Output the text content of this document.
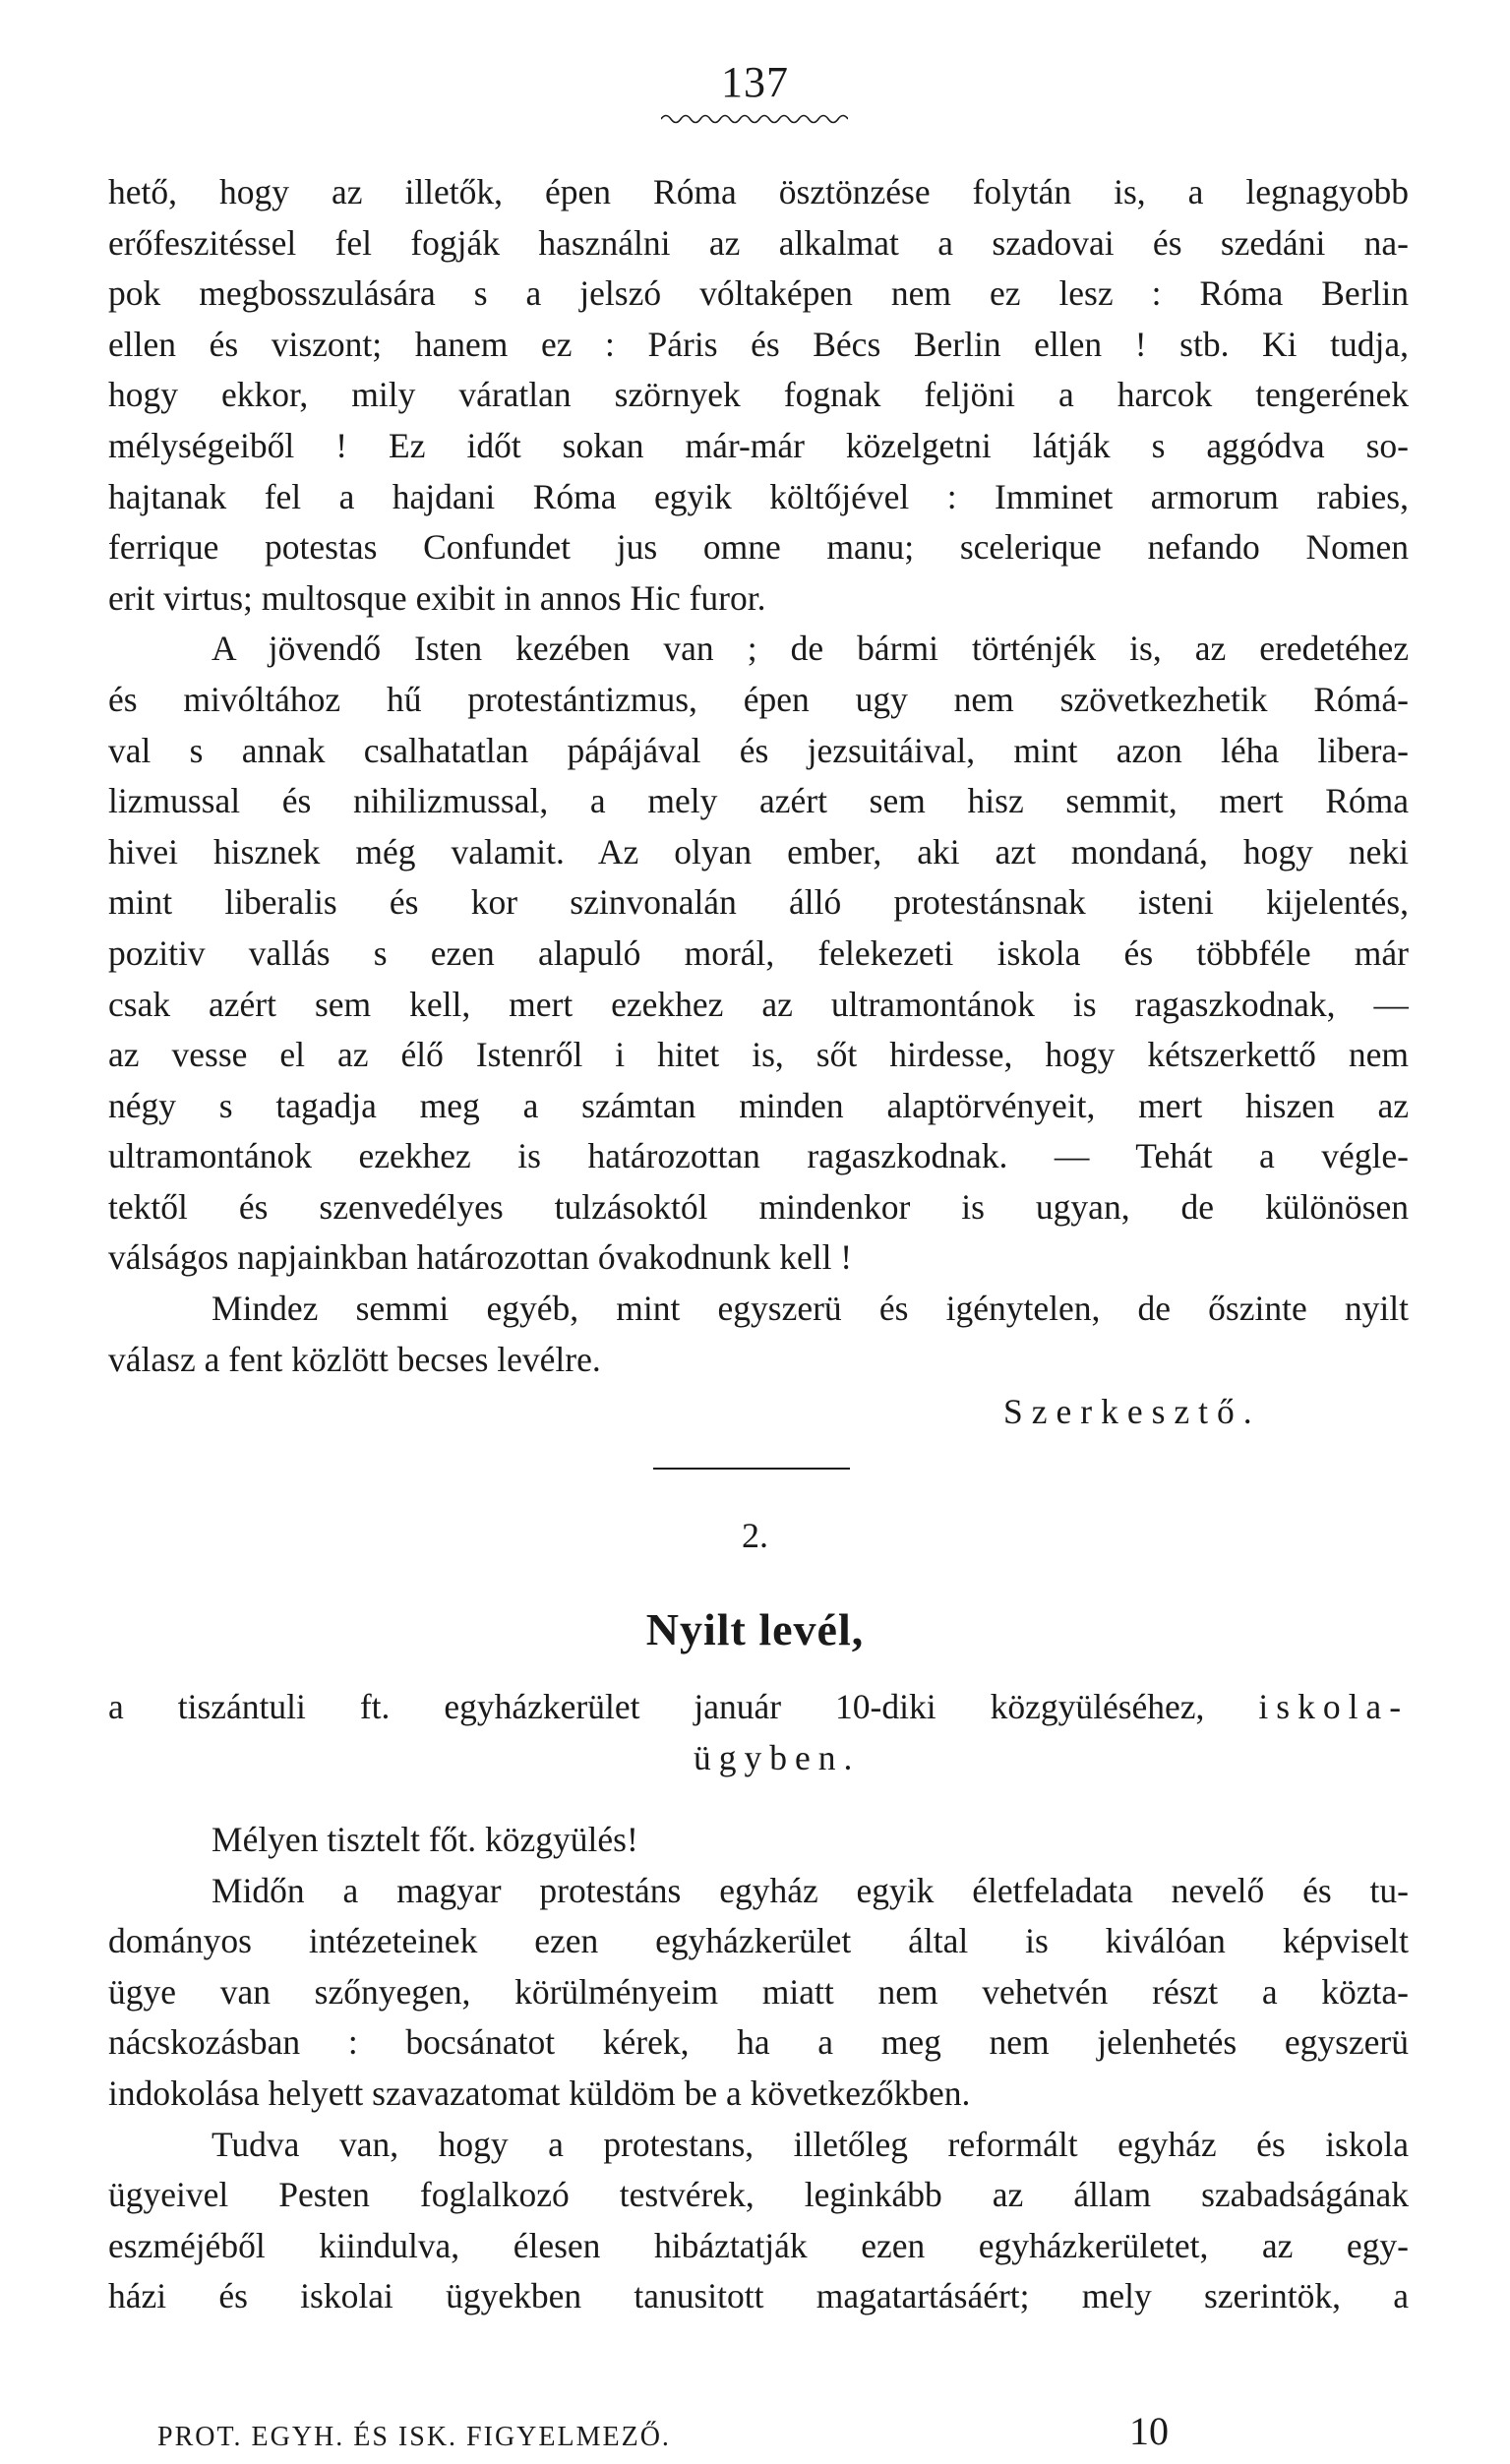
137
hető, hogy az illetők, épen Róma ösztönzése folytán is, a legnagyobb
erőfeszitéssel fel fogják használni az alkalmat a szadovai és szedáni na-
pok megbosszulására s a jelszó vóltaképen nem ez lesz : Róma Berlin
ellen és viszont; hanem ez : Páris és Bécs Berlin ellen ! stb. Ki tudja,
hogy ekkor, mily váratlan szörnyek fognak feljöni a harcok tengerének
mélységeiből ! Ez időt sokan már-már közelgetni látják s aggódva so-
hajtanak fel a hajdani Róma egyik költőjével : Imminet armorum rabies,
ferrique potestas Confundet jus omne manu; scelerique nefando Nomen
erit virtus; multosque exibit in annos Hic furor.
A jövendő Isten kezében van ; de bármi történjék is, az eredetéhez
és mivóltához hű protestántizmus, épen ugy nem szövetkezhetik Rómá-
val s annak csalhatatlan pápájával és jezsuitáival, mint azon léha libera-
lizmussal és nihilizmussal, a mely azért sem hisz semmit, mert Róma
hivei hisznek még valamit. Az olyan ember, aki azt mondaná, hogy neki
mint liberalis és kor szinvonalán álló protestánsnak isteni kijelentés,
pozitiv vallás s ezen alapuló morál, felekezeti iskola és többféle már
csak azért sem kell, mert ezekhez az ultramontánok is ragaszkodnak, —
az vesse el az élő Istenről i hitet is, sőt hirdesse, hogy kétszerkettő nem
négy s tagadja meg a számtan minden alaptörvényeit, mert hiszen az
ultramontánok ezekhez is határozottan ragaszkodnak. — Tehát a végle-
tektől és szenvedélyes tulzásoktól mindenkor is ugyan, de különösen
válságos napjainkban határozottan óvakodnunk kell !
Mindez semmi egyéb, mint egyszerü és igénytelen, de őszinte nyilt
válasz a fent közlött becses levélre.
Szerkesztő.
2.
Nyilt levél,
a tiszántuli ft. egyházkerület január 10-diki közgyüléséhez, iskola-
ügyben.
Mélyen tisztelt főt. közgyülés!
Midőn a magyar protestáns egyház egyik életfeladata nevelő és tu-
dományos intézeteinek ezen egyházkerület által is kiválóan képviselt
ügye van szőnyegen, körülményeim miatt nem vehetvén részt a közta-
nácskozásban : bocsánatot kérek, ha a meg nem jelenhetés egyszerü
indokolása helyett szavazatomat küldöm be a következőkben.
Tudva van, hogy a protestans, illetőleg reformált egyház és iskola
ügyeivel Pesten foglalkozó testvérek, leginkább az állam szabadságának
eszméjéből kiindulva, élesen hibáztatják ezen egyházkerületet, az egy-
házi és iskolai ügyekben tanusitott magatartásáért; mely szerintök, a
PROT. EGYH. ÉS ISK. FIGYELMEZŐ.	10
